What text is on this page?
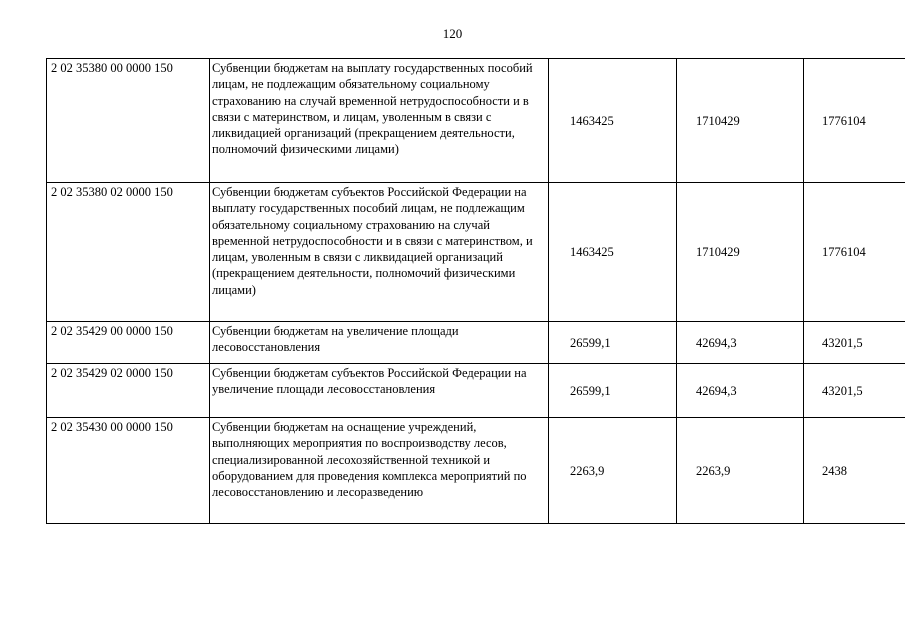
120
2 02 35380 00 0000 150	Субвенции бюджетам на выплату государственных пособий лицам, не подлежащим обязательному социальному страхованию на случай временной нетрудоспособности и в связи с материнством, и лицам, уволенным в связи с ликвидацией организаций (прекращением деятельности, полномочий физическими лицами)	1463425	1710429	1776104
2 02 35380 02 0000 150	Субвенции бюджетам субъектов Российской Федерации на выплату государственных пособий лицам, не подлежащим обязательному социальному страхованию на случай временной нетрудоспособности и в связи с материнством, и лицам, уволенным в связи с ликвидацией организаций (прекращением деятельности, полномочий физическими лицами)	1463425	1710429	1776104
2 02 35429 00 0000 150	Субвенции бюджетам на увеличение площади лесовосстановления	26599,1	42694,3	43201,5
2 02 35429 02 0000 150	Субвенции бюджетам субъектов Российской Федерации на увеличение площади лесовосстановления	26599,1	42694,3	43201,5
2 02 35430 00 0000 150	Субвенции бюджетам на оснащение учреждений, выполняющих мероприятия по воспроизводству лесов, специализированной лесохозяйственной техникой и оборудованием для проведения комплекса мероприятий по лесовосстановлению и лесоразведению	2263,9	2263,9	2438
